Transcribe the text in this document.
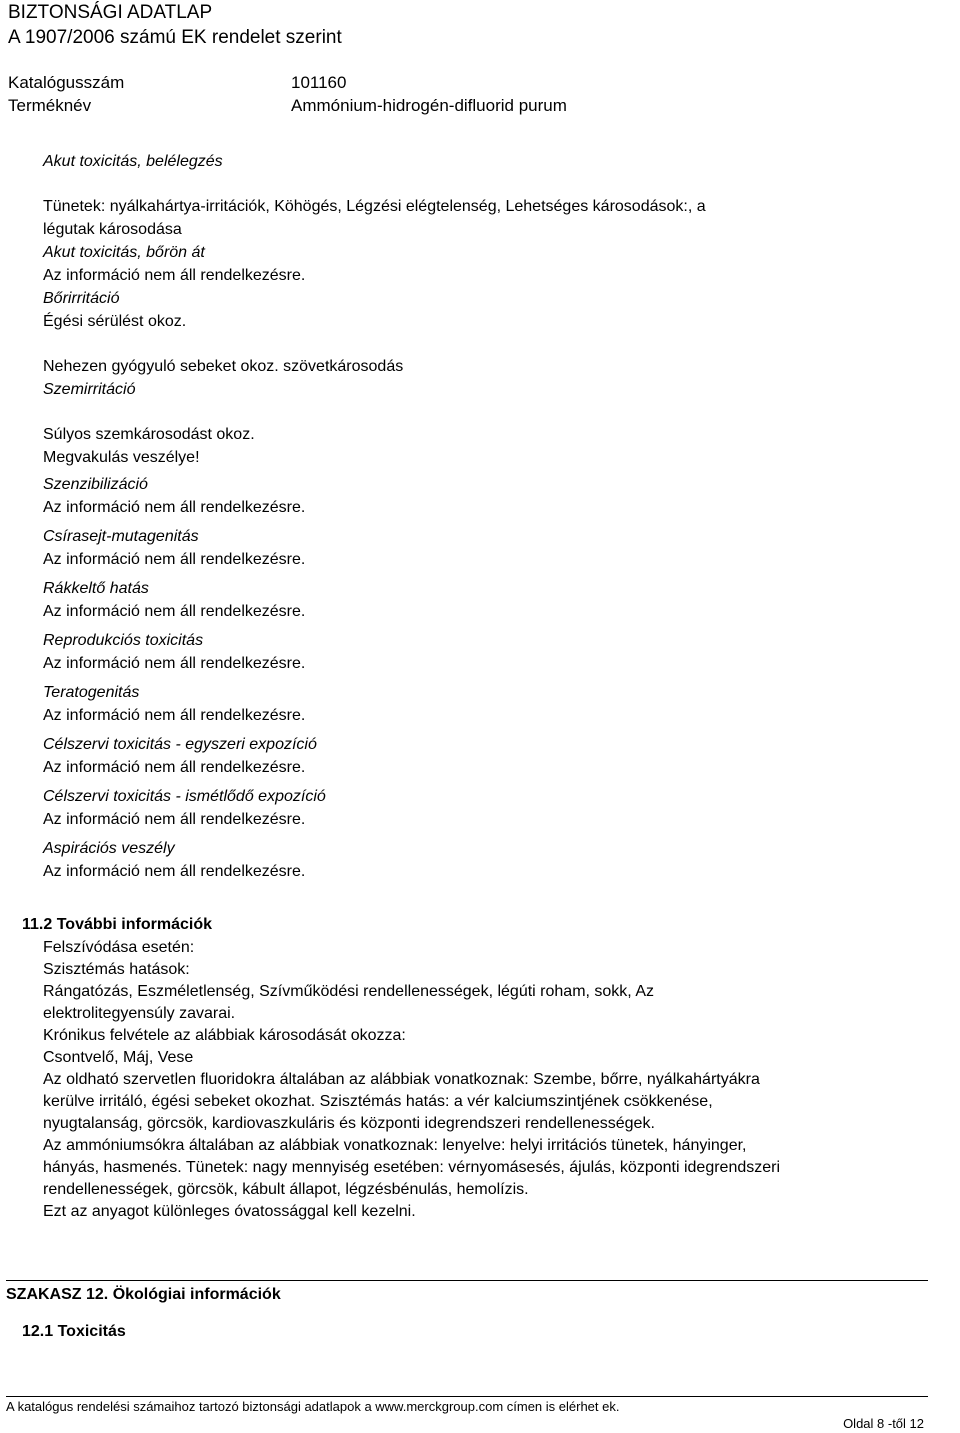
BIZTONSÁGI ADATLAP
A 1907/2006 számú EK rendelet szerint
Katalógusszám	101160
Terméknév	Ammónium-hidrogén-difluorid purum
Akut toxicitás, belélegzés
Tünetek: nyálkahártya-irritációk, Köhögés, Légzési elégtelenség, Lehetséges károsodások:, a
légutak károsodása
Akut toxicitás, bőrön át
Az információ nem áll rendelkezésre.
Bőrirritáció
Égési sérülést okoz.
Nehezen gyógyuló sebeket okoz. szövetkárosodás
Szemirritáció
Súlyos szemkárosodást okoz.
Megvakulás veszélye!
Szenzibilizáció
Az információ nem áll rendelkezésre.
Csírasejt-mutagenitás
Az információ nem áll rendelkezésre.
Rákkeltő hatás
Az információ nem áll rendelkezésre.
Reprodukciós toxicitás
Az információ nem áll rendelkezésre.
Teratogenitás
Az információ nem áll rendelkezésre.
Célszervi toxicitás - egyszeri expozíció
Az információ nem áll rendelkezésre.
Célszervi toxicitás - ismétlődő expozíció
Az információ nem áll rendelkezésre.
Aspirációs veszély
Az információ nem áll rendelkezésre.
11.2 További információk

Felszívódása esetén:

Szisztémás hatások:

Rángatózás, Eszméletlenség, Szívműködési rendellenességek, légúti roham, sokk, Az elektrolitegyensúly zavarai.

Krónikus felvétele az alábbiak károsodását okozza:

Csontvelő, Máj, Vese

Az oldható szervetlen fluoridokra általában az alábbiak vonatkoznak: Szembe, bőrre, nyálkahártyákra kerülve irritáló, égési sebeket okozhat. Szisztémás hatás: a vér kalciumszintjének csökkenése, nyugtalanság, görcsök, kardiovaszkuláris és központi idegrendszeri rendellenességek.

Az ammóniumsókra általában az alábbiak vonatkoznak: lenyelve: helyi irritációs tünetek, hányinger, hányás, hasmenés. Tünetek: nagy mennyiség esetében: vérnyomásesés, ájulás, központi idegrendszeri rendellenességek, görcsök, kábult állapot, légzésbénulás, hemolízis.

Ezt az anyagot különleges óvatossággal kell kezelni.

SZAKASZ 12. Ökológiai információk
12.1 Toxicitás
A katalógus rendelési számaihoz tartozó biztonsági adatlapok a www.merckgroup.com címen is elérhet ek.
Oldal 8 -től 12
